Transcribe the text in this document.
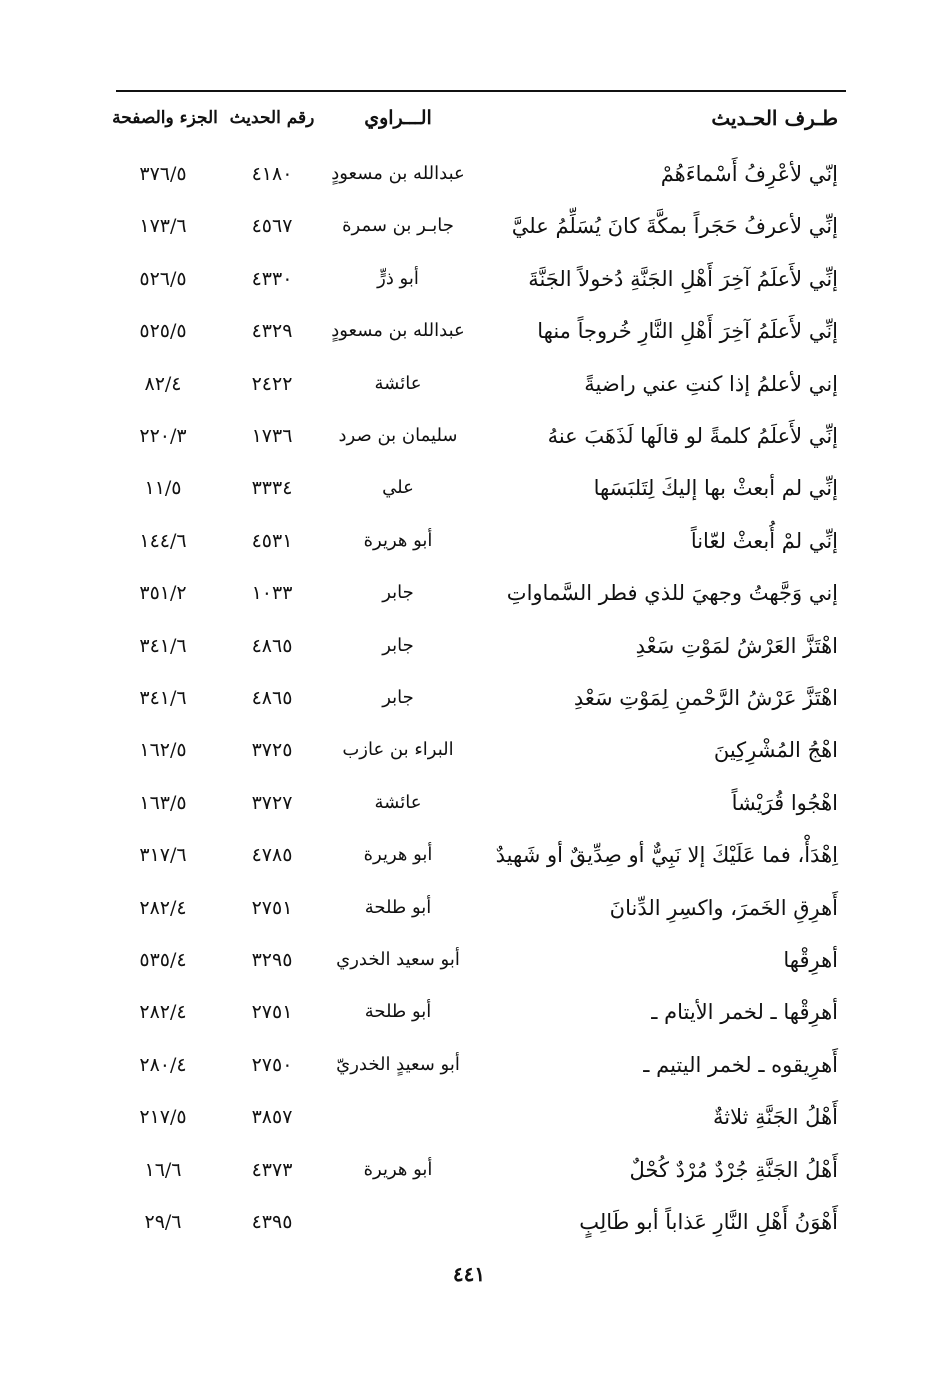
طـرف الحـديث
الـــراوي
رقم الحديث
الجزء والصفحة
إنّي لأعْرِفُ أَسْماءَهُمْ
عبدالله بن مسعودٍ
٤١٨٠
٣٧٦/٥
إنِّي لأعرفُ حَجَراً بمكَّةَ كانَ يُسَلِّمُ عليَّ
جابـر بن سمرة
٤٥٦٧
١٧٣/٦
إنِّي لأَعلَمُ آخِرَ أَهْلِ الجَنَّةِ دُخولاً الجَنَّةَ
أبو ذرٍّ
٤٣٣٠
٥٢٦/٥
إنِّي لأَعلَمُ آخِرَ أَهْلِ النَّارِ خُروجاً منها
عبدالله بن مسعودٍ
٤٣٢٩
٥٢٥/٥
إني لأعلمُ إذا كنتِ عني راضيةً
عائشة
٢٤٢٢
٨٢/٤
إنِّي لأَعلَمُ كلمةً لو قالَها لَذَهَبَ عنهُ
سليمان بن صرد
١٧٣٦
٢٢٠/٣
إنِّي لم أبعثْ بها إليكَ لِتَلبَسَها
علي
٣٣٣٤
١١/٥
إنِّي لمْ أُبعثْ لعّاناً
أبو هريرة
٤٥٣١
١٤٤/٦
إني وَجَّهتُ وجهيَ للذي فطر السَّماواتِ
جابر
١٠٣٣
٣٥١/٢
اهْتَزَّ العَرْشُ لمَوْتِ سَعْدِ
جابر
٤٨٦٥
٣٤١/٦
اهْتَزَّ عَرْشُ الرَّحْمنِ لِمَوْتِ سَعْدِ
جابر
٤٨٦٥
٣٤١/٦
اهْجُ المُشْرِكِينَ
البراء بن عازب
٣٧٢٥
١٦٢/٥
اهْجُوا قُرَيْشاً
عائشة
٣٧٢٧
١٦٣/٥
اِهْدَأْ، فما عَلَيْكَ إلا نَبِيٌّ أو صِدِّيقٌ أو شَهيدٌ
أبو هريرة
٤٧٨٥
٣١٧/٦
أَهرِقِ الخَمرَ، واكسِرِ الدِّنانَ
أبو طلحة
٢٧٥١
٢٨٢/٤
أهرِقْها
أبو سعيد الخدري
٣٢٩٥
٥٣٥/٤
أهرِقْها ـ لخمر الأيتام ـ
أبو طلحة
٢٧٥١
٢٨٢/٤
أَهرِيقوه ـ لخمر اليتيم ـ
أبو سعيدٍ الخدريّ
٢٧٥٠
٢٨٠/٤
أَهْلُ الجَنَّةِ ثلاثةٌ
٣٨٥٧
٢١٧/٥
أَهْلُ الجَنَّةِ جُرْدٌ مُرْدٌ كُحْلٌ
أبو هريرة
٤٣٧٣
١٦/٦
أَهْوَنُ أَهْلِ النَّارِ عَذاباً أبو طَالِبٍ
٤٣٩٥
٢٩/٦
٤٤١
